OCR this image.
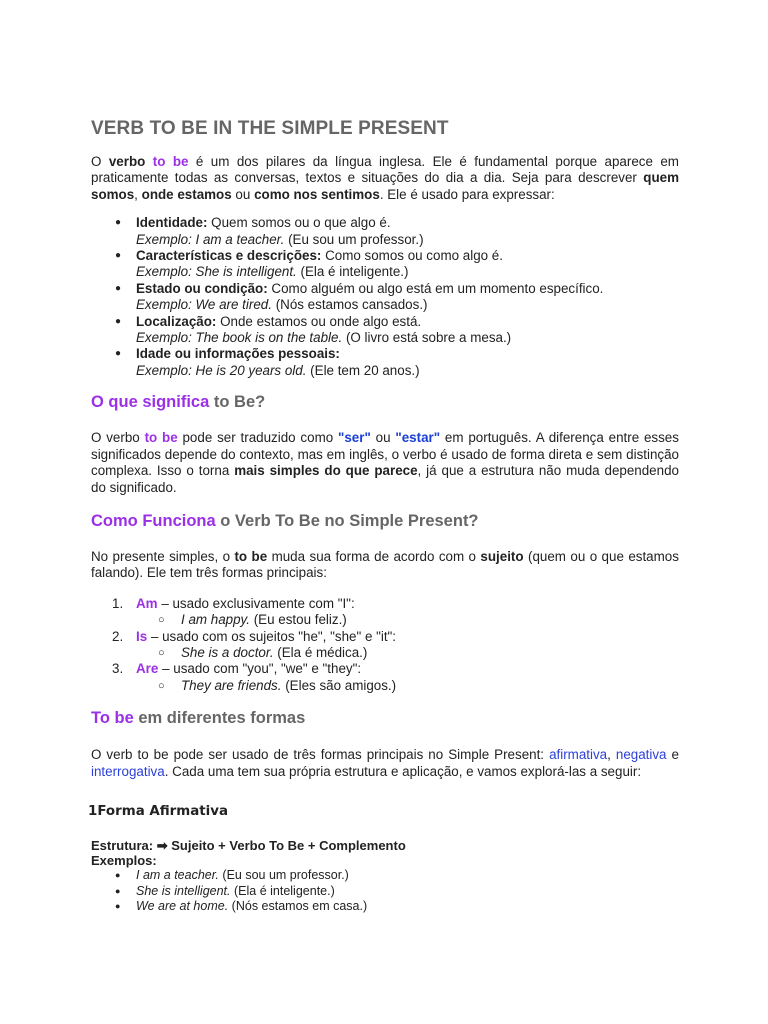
VERB TO BE IN THE SIMPLE PRESENT

O verbo to be é um dos pilares da língua inglesa. Ele é fundamental porque aparece em praticamente todas as conversas, textos e situações do dia a dia. Seja para descrever quem somos, onde estamos ou como nos sentimos. Ele é usado para expressar:

● Identidade: Quem somos ou o que algo é.
Exemplo: I am a teacher. (Eu sou um professor.)
● Características e descrições: Como somos ou como algo é.
Exemplo: She is intelligent. (Ela é inteligente.)
● Estado ou condição: Como alguém ou algo está em um momento específico.
Exemplo: We are tired. (Nós estamos cansados.)
● Localização: Onde estamos ou onde algo está.
Exemplo: The book is on the table. (O livro está sobre a mesa.)
● Idade ou informações pessoais:
Exemplo: He is 20 years old. (Ele tem 20 anos.)
O que significa to Be?

O verbo to be pode ser traduzido como "ser" ou "estar" em português. A diferença entre esses significados depende do contexto, mas em inglês, o verbo é usado de forma direta e sem distinção complexa. Isso o torna mais simples do que parece, já que a estrutura não muda dependendo do significado.

Como Funciona o Verb To Be no Simple Present?

No presente simples, o to be muda sua forma de acordo com o sujeito (quem ou o que estamos falando). Ele tem três formas principais:

1. Am – usado exclusivamente com "I":
○ I am happy. (Eu estou feliz.)
2. Is – usado com os sujeitos "he", "she" e "it":
○ She is a doctor. (Ela é médica.)
3. Are – usado com "you", "we" e "they":
○ They are friends. (Eles são amigos.)
To be em diferentes formas

O verb to be pode ser usado de três formas principais no Simple Present: afirmativa, negativa e interrogativa. Cada uma tem sua própria estrutura e aplicação, e vamos explorá-las a seguir:

1Forma Afirmativa
Estrutura: ➡ Sujeito + Verbo To Be + Complemento
Exemplos:
● I am a teacher. (Eu sou um professor.)
● She is intelligent. (Ela é inteligente.)
● We are at home. (Nós estamos em casa.)
